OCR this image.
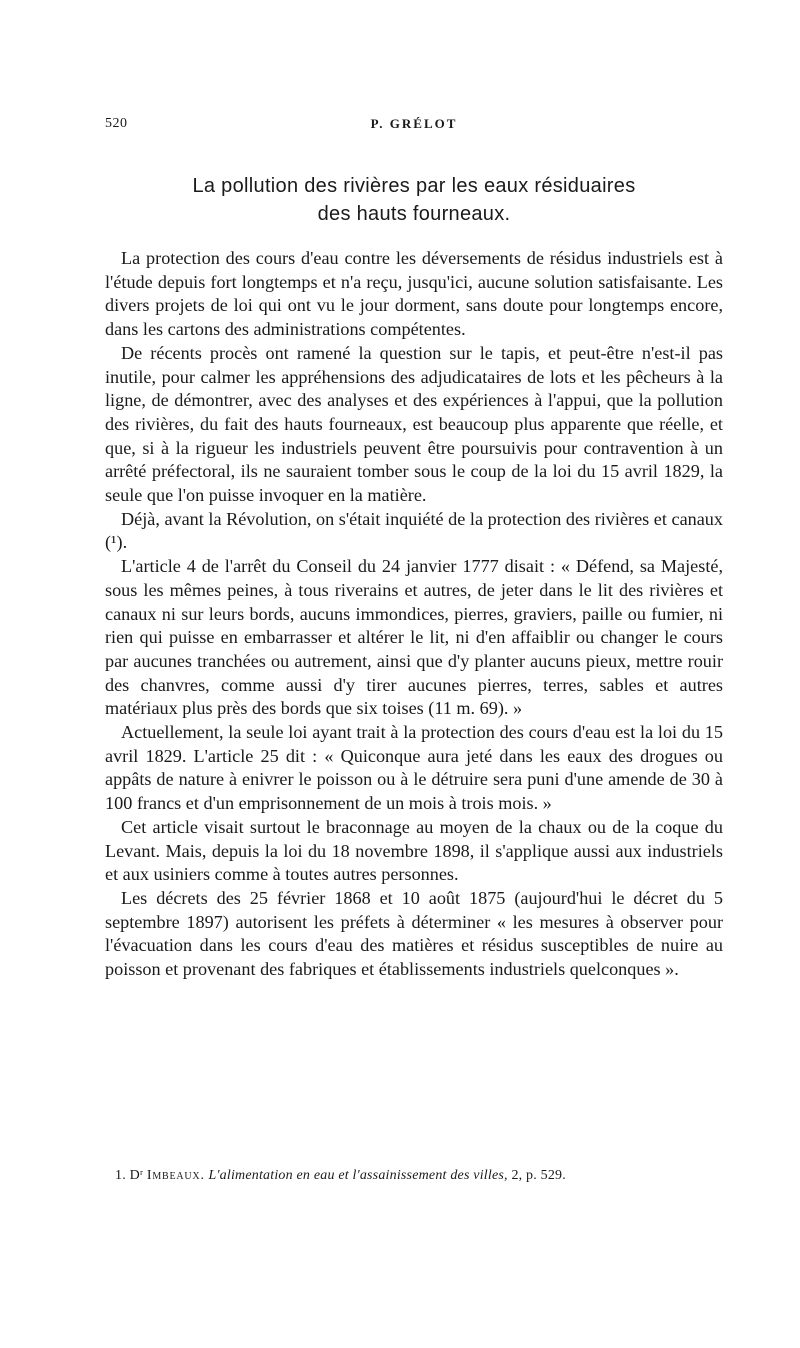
520	P. GRÉLOT
La pollution des rivières par les eaux résiduaires
des hauts fourneaux.

La protection des cours d'eau contre les déversements de résidus industriels est à l'étude depuis fort longtemps et n'a reçu, jusqu'ici, aucune solution satisfaisante. Les divers projets de loi qui ont vu le jour dorment, sans doute pour longtemps encore, dans les cartons des administrations compétentes.

De récents procès ont ramené la question sur le tapis, et peut-être n'est-il pas inutile, pour calmer les appréhensions des adjudicataires de lots et les pêcheurs à la ligne, de démontrer, avec des analyses et des expériences à l'appui, que la pollution des rivières, du fait des hauts fourneaux, est beaucoup plus apparente que réelle, et que, si à la rigueur les industriels peuvent être poursuivis pour contravention à un arrêté préfectoral, ils ne sauraient tomber sous le coup de la loi du 15 avril 1829, la seule que l'on puisse invoquer en la matière.

Déjà, avant la Révolution, on s'était inquiété de la protection des rivières et canaux (¹).

L'article 4 de l'arrêt du Conseil du 24 janvier 1777 disait : « Défend, sa Majesté, sous les mêmes peines, à tous riverains et autres, de jeter dans le lit des rivières et canaux ni sur leurs bords, aucuns immondices, pierres, graviers, paille ou fumier, ni rien qui puisse en embarrasser et altérer le lit, ni d'en affaiblir ou changer le cours par aucunes tranchées ou autrement, ainsi que d'y planter aucuns pieux, mettre rouir des chanvres, comme aussi d'y tirer aucunes pierres, terres, sables et autres matériaux plus près des bords que six toises (11 m. 69). »

Actuellement, la seule loi ayant trait à la protection des cours d'eau est la loi du 15 avril 1829. L'article 25 dit : « Quiconque aura jeté dans les eaux des drogues ou appâts de nature à enivrer le poisson ou à le détruire sera puni d'une amende de 30 à 100 francs et d'un emprisonnement de un mois à trois mois. »

Cet article visait surtout le braconnage au moyen de la chaux ou de la coque du Levant. Mais, depuis la loi du 18 novembre 1898, il s'applique aussi aux industriels et aux usiniers comme à toutes autres personnes.

Les décrets des 25 février 1868 et 10 août 1875 (aujourd'hui le décret du 5 septembre 1897) autorisent les préfets à déterminer « les mesures à observer pour l'évacuation dans les cours d'eau des matières et résidus susceptibles de nuire au poisson et provenant des fabriques et établissements industriels quelconques ».

1. Dʳ Imbeaux. L'alimentation en eau et l'assainissement des villes, 2, p. 529.
